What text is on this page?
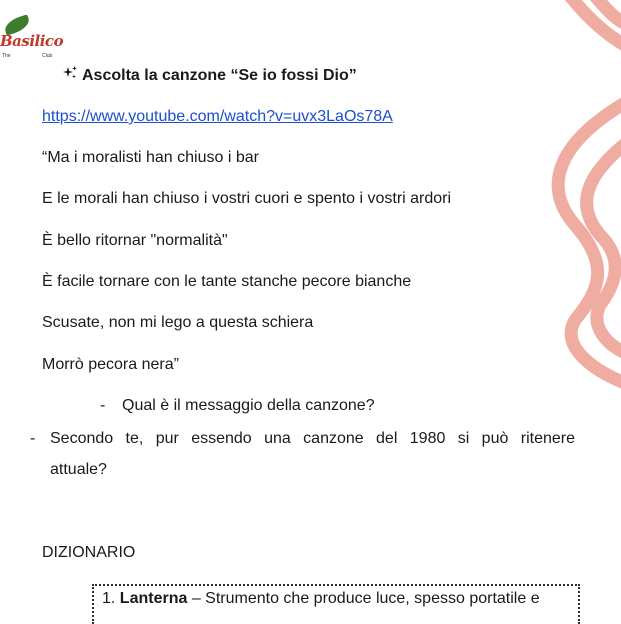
Basilico
The	Club
Ascolta la canzone “Se io fossi Dio”
https://www.youtube.com/watch?v=uvx3LaOs78A
“Ma i moralisti han chiuso i bar
E le morali han chiuso i vostri cuori e spento i vostri ardori
È bello ritornar "normalità"
È facile tornare con le tante stanche pecore bianche
Scusate, non mi lego a questa schiera
Morrò pecora nera”
- Qual è il messaggio della canzone?
- Secondo te, pur essendo una canzone del 1980 si può ritenere
attuale?
DIZIONARIO
1. Lanterna – Strumento che produce luce, spesso portatile e
